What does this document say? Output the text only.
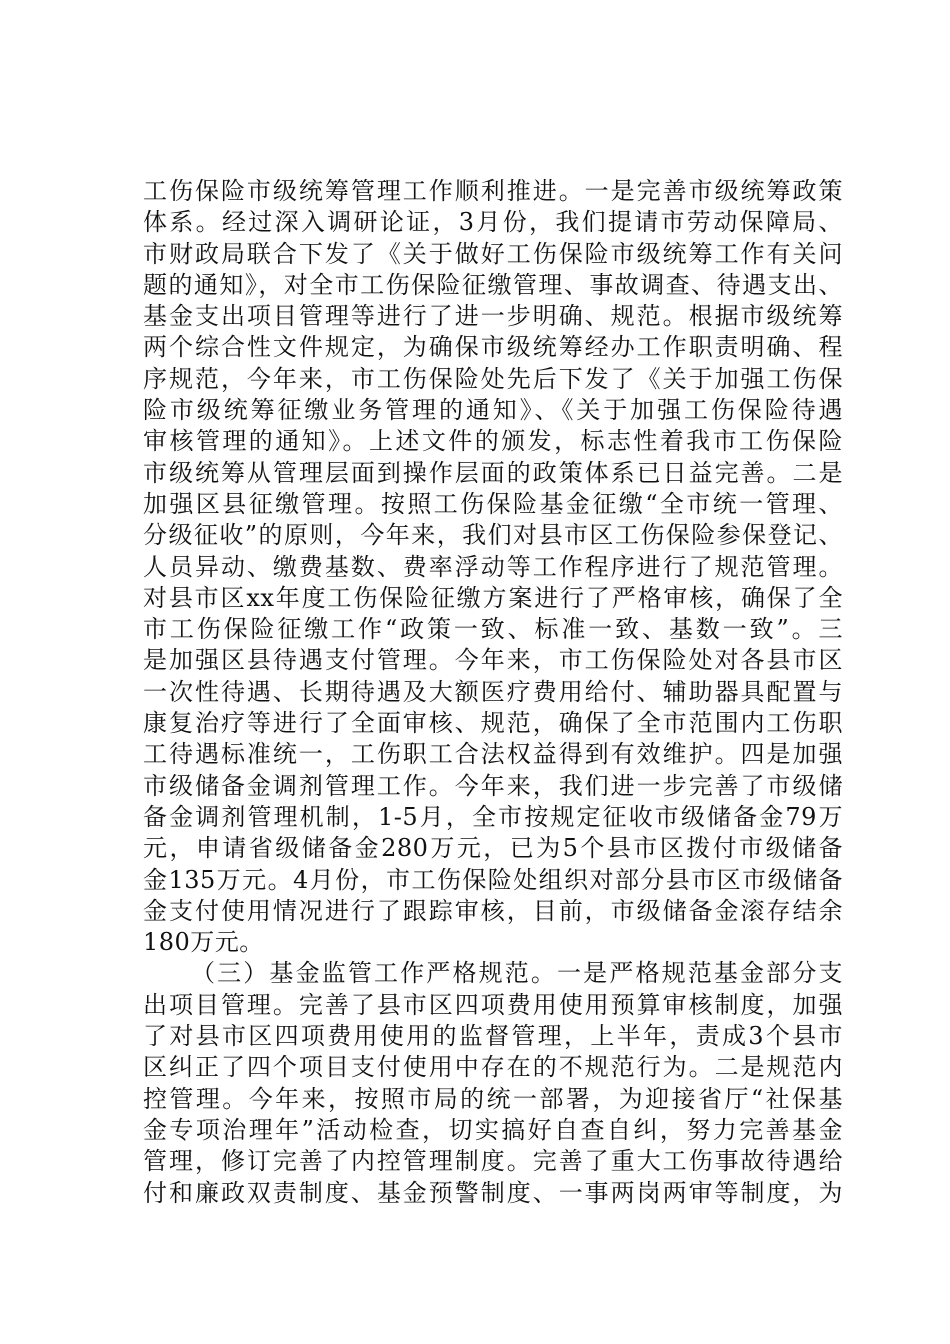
工伤保险市级统筹管理工作顺利推进。一是完善市级统筹政策
体系。经过深入调研论证，3月份，我们提请市劳动保障局、
市财政局联合下发了《关于做好工伤保险市级统筹工作有关问
题的通知》，对全市工伤保险征缴管理、事故调查、待遇支出、
基金支出项目管理等进行了进一步明确、规范。根据市级统筹
两个综合性文件规定，为确保市级统筹经办工作职责明确、程
序规范，今年来，市工伤保险处先后下发了《关于加强工伤保
险市级统筹征缴业务管理的通知》、《关于加强工伤保险待遇
审核管理的通知》。上述文件的颁发，标志性着我市工伤保险
市级统筹从管理层面到操作层面的政策体系已日益完善。二是
加强区县征缴管理。按照工伤保险基金征缴“全市统一管理、
分级征收”的原则，今年来，我们对县市区工伤保险参保登记、
人员异动、缴费基数、费率浮动等工作程序进行了规范管理。
对县市区xx年度工伤保险征缴方案进行了严格审核，确保了全
市工伤保险征缴工作“政策一致、标准一致、基数一致”。三
是加强区县待遇支付管理。今年来，市工伤保险处对各县市区
一次性待遇、长期待遇及大额医疗费用给付、辅助器具配置与
康复治疗等进行了全面审核、规范，确保了全市范围内工伤职
工待遇标准统一，工伤职工合法权益得到有效维护。四是加强
市级储备金调剂管理工作。今年来，我们进一步完善了市级储
备金调剂管理机制，1-5月，全市按规定征收市级储备金79万
元，申请省级储备金280万元，已为5个县市区拨付市级储备
金135万元。4月份，市工伤保险处组织对部分县市区市级储备
金支付使用情况进行了跟踪审核，目前，市级储备金滚存结余
180万元。
（三）基金监管工作严格规范。一是严格规范基金部分支
出项目管理。完善了县市区四项费用使用预算审核制度，加强
了对县市区四项费用使用的监督管理，上半年，责成3个县市
区纠正了四个项目支付使用中存在的不规范行为。二是规范内
控管理。今年来，按照市局的统一部署，为迎接省厅“社保基
金专项治理年”活动检查，切实搞好自查自纠，努力完善基金
管理，修订完善了内控管理制度。完善了重大工伤事故待遇给
付和廉政双责制度、基金预警制度、一事两岗两审等制度，为
